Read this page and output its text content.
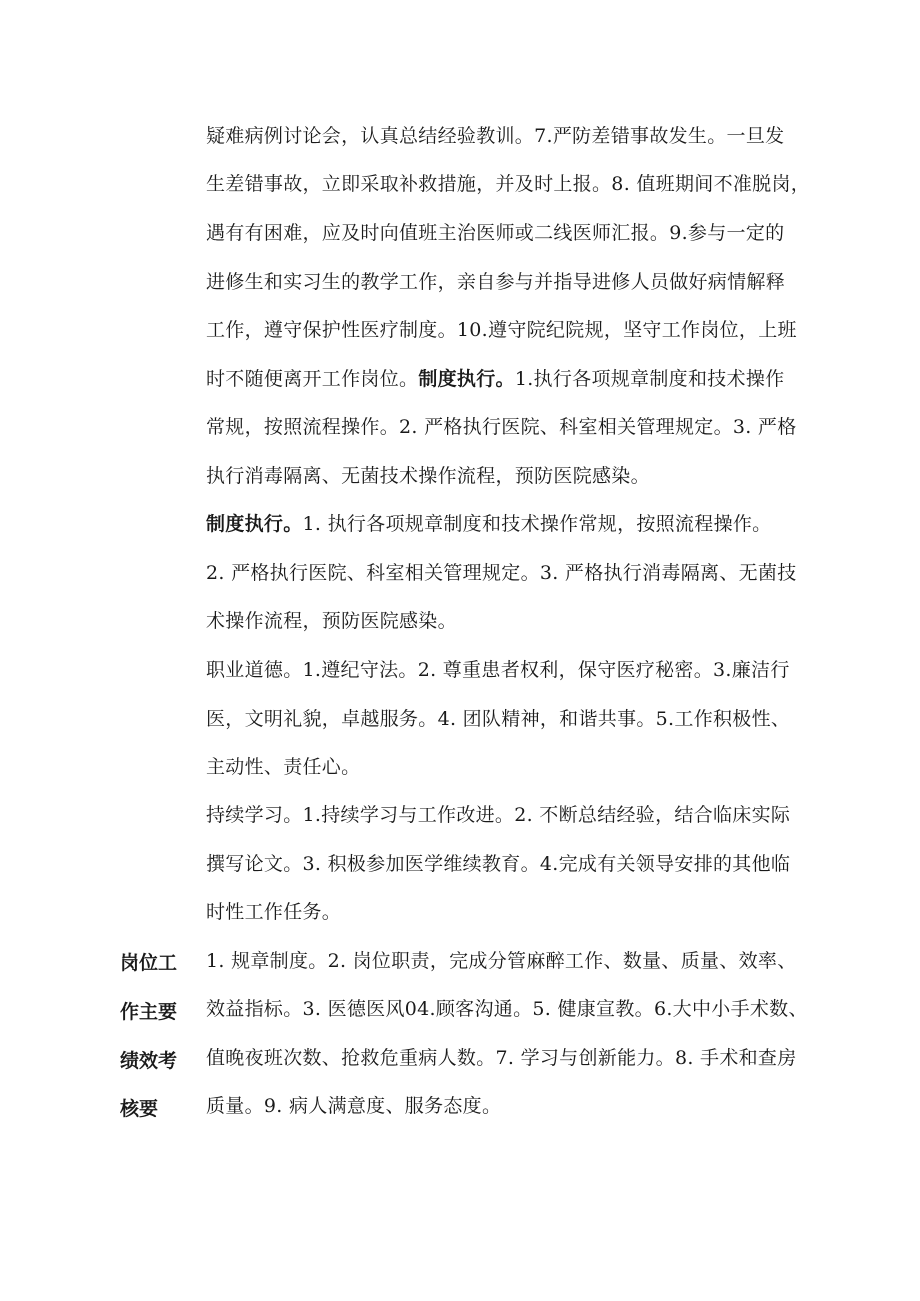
疑难病例讨论会，认真总结经验教训。7.严防差错事故发生。一旦发
生差错事故，立即采取补救措施，并及时上报。8. 值班期间不准脱岗，
遇有有困难，应及时向值班主治医师或二线医师汇报。9.参与一定的
进修生和实习生的教学工作，亲自参与并指导进修人员做好病情解释
工作，遵守保护性医疗制度。10.遵守院纪院规，坚守工作岗位，上班
时不随便离开工作岗位。制度执行。1.执行各项规章制度和技术操作
常规，按照流程操作。2. 严格执行医院、科室相关管理规定。3. 严格
执行消毒隔离、无菌技术操作流程，预防医院感染。
制度执行。1. 执行各项规章制度和技术操作常规，按照流程操作。
2. 严格执行医院、科室相关管理规定。3. 严格执行消毒隔离、无菌技
术操作流程，预防医院感染。
职业道德。1.遵纪守法。2. 尊重患者权利，保守医疗秘密。3.廉洁行
医，文明礼貌，卓越服务。4. 团队精神，和谐共事。5.工作积极性、
主动性、责任心。
持续学习。1.持续学习与工作改进。2. 不断总结经验，结合临床实际
撰写论文。3. 积极参加医学维续教育。4.完成有关领导安排的其他临
时性工作任务。
岗位工
作主要
绩效考
核要
1. 规章制度。2. 岗位职责，完成分管麻醉工作、数量、质量、效率、
效益指标。3. 医德医风04.顾客沟通。5. 健康宣教。6.大中小手术数、
值晚夜班次数、抢救危重病人数。7. 学习与创新能力。8. 手术和查房
质量。9. 病人满意度、服务态度。
